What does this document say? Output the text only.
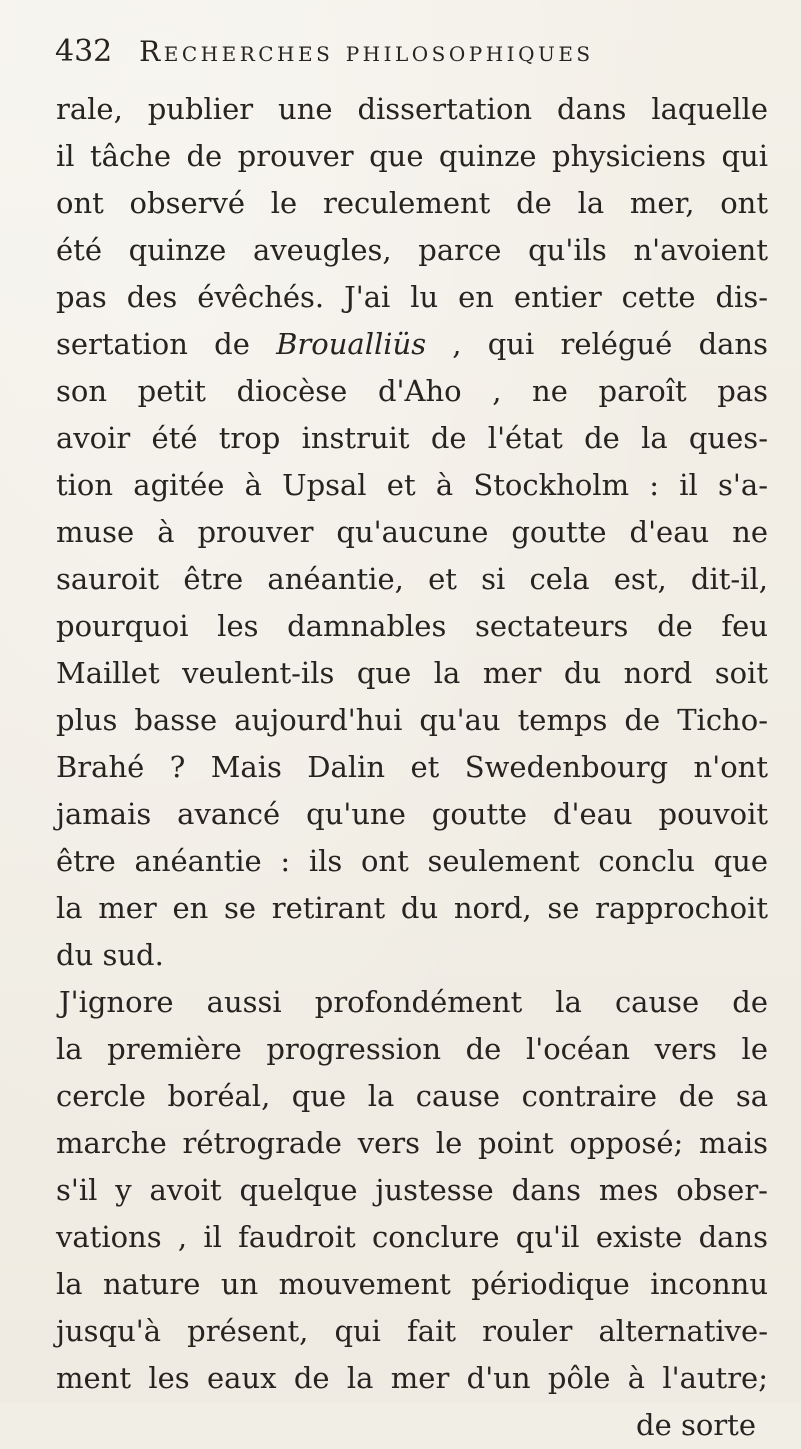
432 Recherches philosophiques
rale, publier une dissertation dans laquelle
il tâche de prouver que quinze physiciens qui
ont observé le reculement de la mer, ont
été quinze aveugles, parce qu'ils n'avoient
pas des évêchés. J'ai lu en entier cette dis-
sertation de Broualliüs , qui relégué dans
son petit diocèse d'Aho , ne paroît pas
avoir été trop instruit de l'état de la ques-
tion agitée à Upsal et à Stockholm : il s'a-
muse à prouver qu'aucune goutte d'eau ne
sauroit être anéantie, et si cela est, dit-il,
pourquoi les damnables sectateurs de feu
Maillet veulent-ils que la mer du nord soit
plus basse aujourd'hui qu'au temps de Ticho-
Brahé ? Mais Dalin et Swedenbourg n'ont
jamais avancé qu'une goutte d'eau pouvoit
être anéantie : ils ont seulement conclu que
la mer en se retirant du nord, se rapprochoit
du sud.
J'ignore aussi profondément la cause de
la première progression de l'océan vers le
cercle boréal, que la cause contraire de sa
marche rétrograde vers le point opposé; mais
s'il y avoit quelque justesse dans mes obser-
vations , il faudroit conclure qu'il existe dans
la nature un mouvement périodique inconnu
jusqu'à présent, qui fait rouler alternative-
ment les eaux de la mer d'un pôle à l'autre;
de sorte
